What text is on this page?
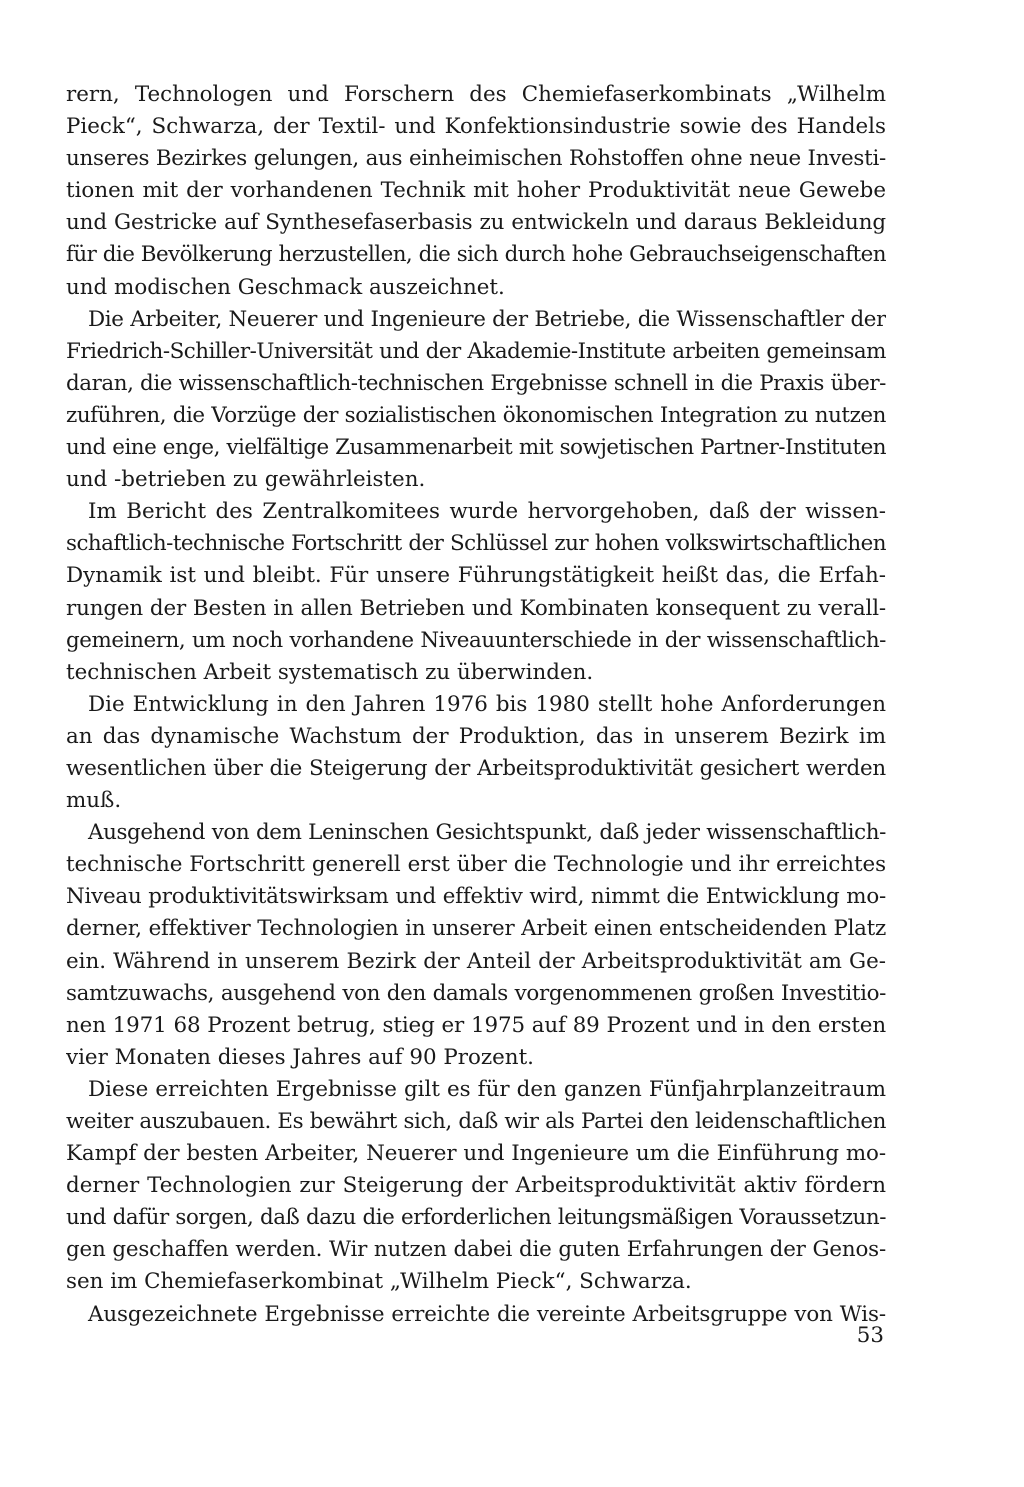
rern, Technologen und Forschern des Chemiefaserkombinats „Wilhelm
Pieck“, Schwarza, der Textil- und Konfektionsindustrie sowie des Handels
unseres Bezirkes gelungen, aus einheimischen Rohstoffen ohne neue Investi-
tionen mit der vorhandenen Technik mit hoher Produktivität neue Gewebe
und Gestricke auf Synthesefaserbasis zu entwickeln und daraus Bekleidung
für die Bevölkerung herzustellen, die sich durch hohe Gebrauchseigenschaften
und modischen Geschmack auszeichnet.
Die Arbeiter, Neuerer und Ingenieure der Betriebe, die Wissenschaftler der
Friedrich-Schiller-Universität und der Akademie-Institute arbeiten gemeinsam
daran, die wissenschaftlich-technischen Ergebnisse schnell in die Praxis über-
zuführen, die Vorzüge der sozialistischen ökonomischen Integration zu nutzen
und eine enge, vielfältige Zusammenarbeit mit sowjetischen Partner-Instituten
und -betrieben zu gewährleisten.
Im Bericht des Zentralkomitees wurde hervorgehoben, daß der wissen-
schaftlich-technische Fortschritt der Schlüssel zur hohen volkswirtschaftlichen
Dynamik ist und bleibt. Für unsere Führungstätigkeit heißt das, die Erfah-
rungen der Besten in allen Betrieben und Kombinaten konsequent zu verall-
gemeinern, um noch vorhandene Niveauunterschiede in der wissenschaftlich-
technischen Arbeit systematisch zu überwinden.
Die Entwicklung in den Jahren 1976 bis 1980 stellt hohe Anforderungen
an das dynamische Wachstum der Produktion, das in unserem Bezirk im
wesentlichen über die Steigerung der Arbeitsproduktivität gesichert werden
muß.
Ausgehend von dem Leninschen Gesichtspunkt, daß jeder wissenschaftlich-
technische Fortschritt generell erst über die Technologie und ihr erreichtes
Niveau produktivitätswirksam und effektiv wird, nimmt die Entwicklung mo-
derner, effektiver Technologien in unserer Arbeit einen entscheidenden Platz
ein. Während in unserem Bezirk der Anteil der Arbeitsproduktivität am Ge-
samtzuwachs, ausgehend von den damals vorgenommenen großen Investitio-
nen 1971 68 Prozent betrug, stieg er 1975 auf 89 Prozent und in den ersten
vier Monaten dieses Jahres auf 90 Prozent.
Diese erreichten Ergebnisse gilt es für den ganzen Fünfjahrplanzeitraum
weiter auszubauen. Es bewährt sich, daß wir als Partei den leidenschaftlichen
Kampf der besten Arbeiter, Neuerer und Ingenieure um die Einführung mo-
derner Technologien zur Steigerung der Arbeitsproduktivität aktiv fördern
und dafür sorgen, daß dazu die erforderlichen leitungsmäßigen Voraussetzun-
gen geschaffen werden. Wir nutzen dabei die guten Erfahrungen der Genos-
sen im Chemiefaserkombinat „Wilhelm Pieck“, Schwarza.
Ausgezeichnete Ergebnisse erreichte die vereinte Arbeitsgruppe von Wis-
53
